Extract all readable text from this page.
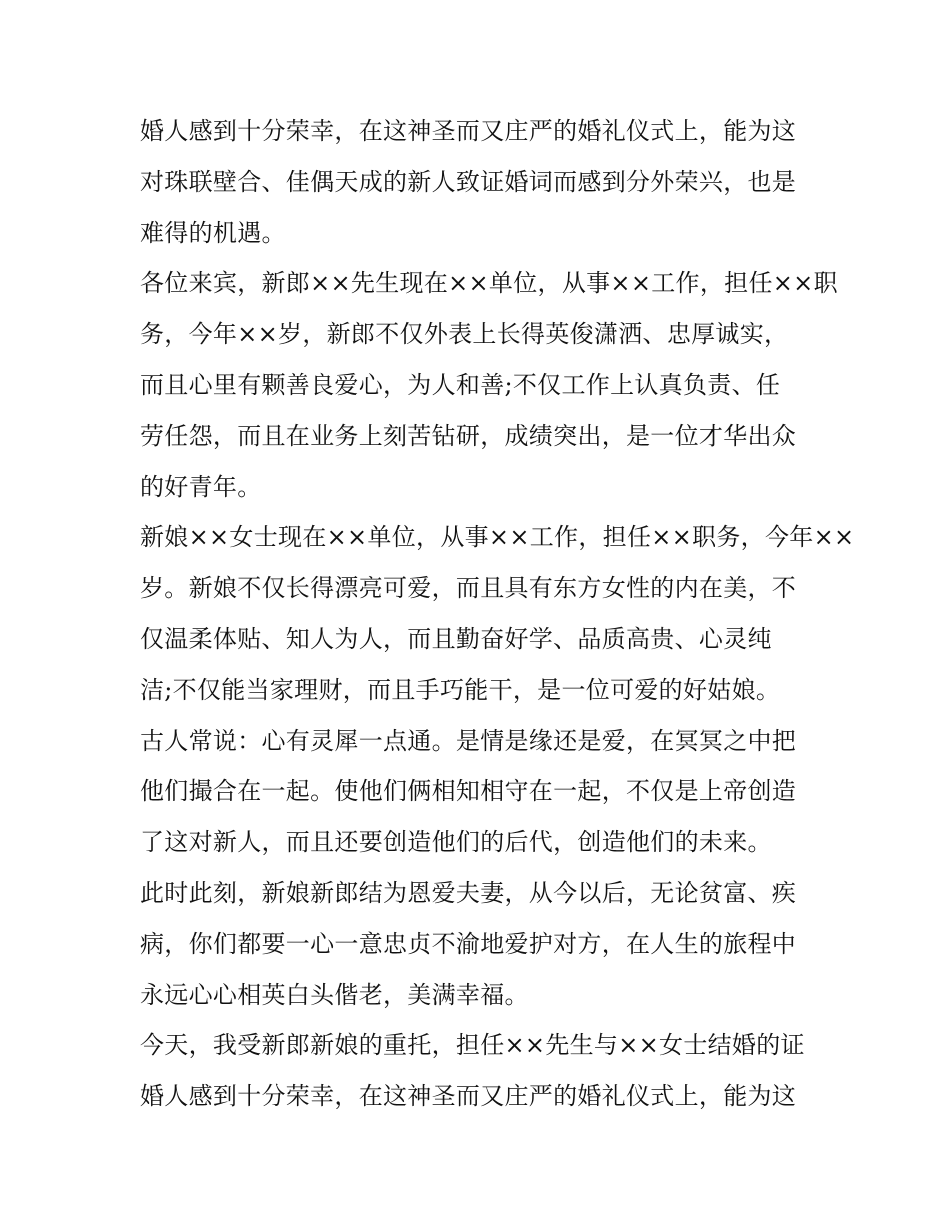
婚人感到十分荣幸，在这神圣而又庄严的婚礼仪式上，能为这
对珠联壁合、佳偶天成的新人致证婚词而感到分外荣兴，也是
难得的机遇。
各位来宾，新郎××先生现在××单位，从事××工作，担任××职
务，今年××岁，新郎不仅外表上长得英俊潇洒、忠厚诚实，
而且心里有颗善良爱心，为人和善;不仅工作上认真负责、任
劳任怨，而且在业务上刻苦钻研，成绩突出，是一位才华出众
的好青年。
新娘××女士现在××单位，从事××工作，担任××职务，今年××
岁。新娘不仅长得漂亮可爱，而且具有东方女性的内在美，不
仅温柔体贴、知人为人，而且勤奋好学、品质高贵、心灵纯
洁;不仅能当家理财，而且手巧能干，是一位可爱的好姑娘。
古人常说：心有灵犀一点通。是情是缘还是爱，在冥冥之中把
他们撮合在一起。使他们俩相知相守在一起，不仅是上帝创造
了这对新人，而且还要创造他们的后代，创造他们的未来。
此时此刻，新娘新郎结为恩爱夫妻，从今以后，无论贫富、疾
病，你们都要一心一意忠贞不渝地爱护对方，在人生的旅程中
永远心心相英白头偕老，美满幸福。
今天，我受新郎新娘的重托，担任××先生与××女士结婚的证
婚人感到十分荣幸，在这神圣而又庄严的婚礼仪式上，能为这
